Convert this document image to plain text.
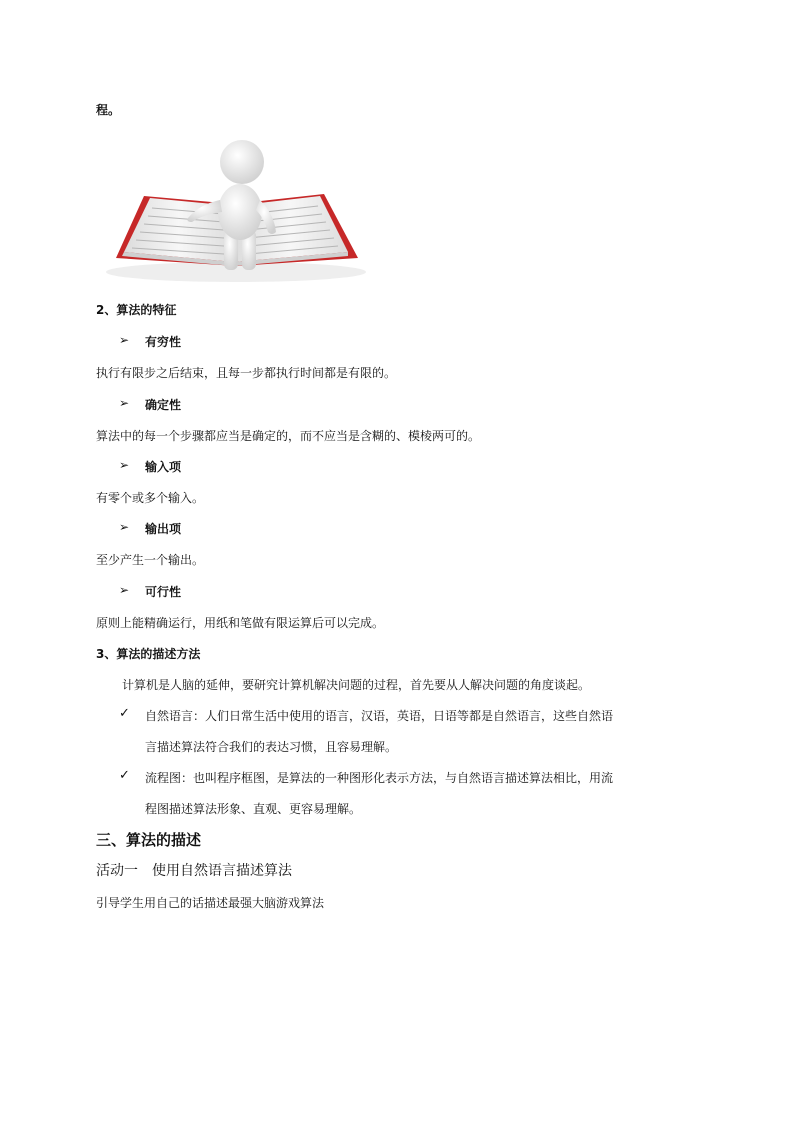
程。
2、算法的特征
➢ 有穷性
执行有限步之后结束，且每一步都执行时间都是有限的。
➢ 确定性
算法中的每一个步骤都应当是确定的，而不应当是含糊的、模棱两可的。
➢ 输入项
有零个或多个输入。
➢ 输出项
至少产生一个输出。
➢ 可行性
原则上能精确运行，用纸和笔做有限运算后可以完成。
3、算法的描述方法
计算机是人脑的延伸，要研究计算机解决问题的过程，首先要从人解决问题的角度谈起。
✓ 自然语言：人们日常生活中使用的语言，汉语，英语，日语等都是自然语言，这些自然语
言描述算法符合我们的表达习惯，且容易理解。
✓ 流程图：也叫程序框图，是算法的一种图形化表示方法，与自然语言描述算法相比，用流
程图描述算法形象、直观、更容易理解。
三、算法的描述
活动一　使用自然语言描述算法
引导学生用自己的话描述最强大脑游戏算法
